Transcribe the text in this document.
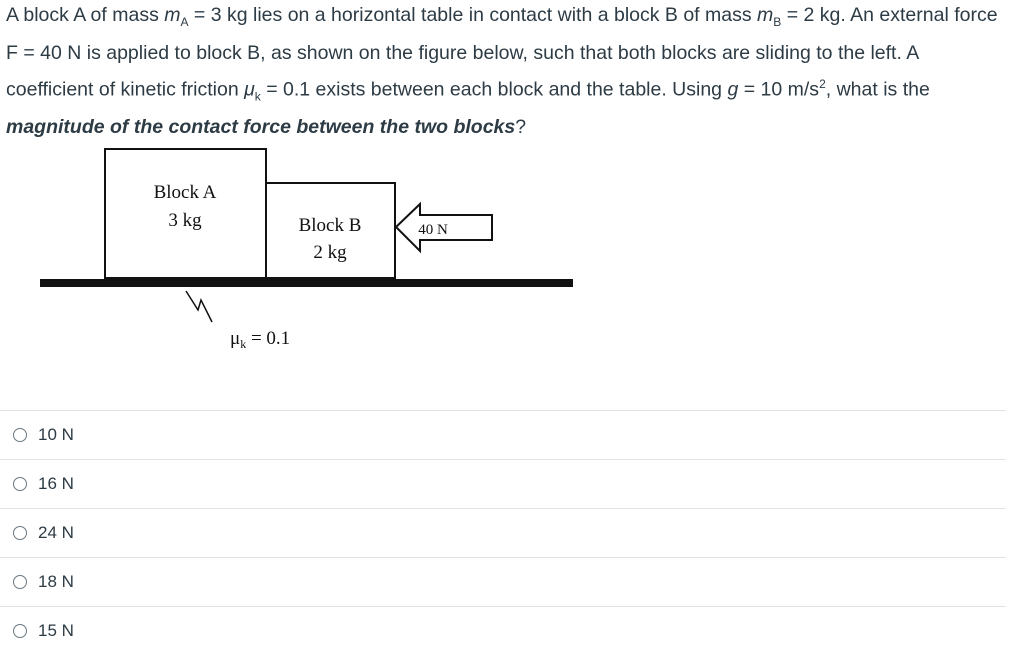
A block A of mass $m_A = 3$ kg lies on a horizontal table in contact with a block B of mass $m_B = 2$ kg. An external force F = 40 N is applied to block B, as shown on the figure below, such that both blocks are sliding to the left. A coefficient of kinetic friction $\mu_k = 0.1$ exists between each block and the table. Using g = 10 $m/s^2$, what is the magnitude of the contact force between the two blocks?
Block A
3 kg	Block B
2 kg
40 N
$\mu_k = 0.1$
10 N
16 N
24 N
18 N
15 N
